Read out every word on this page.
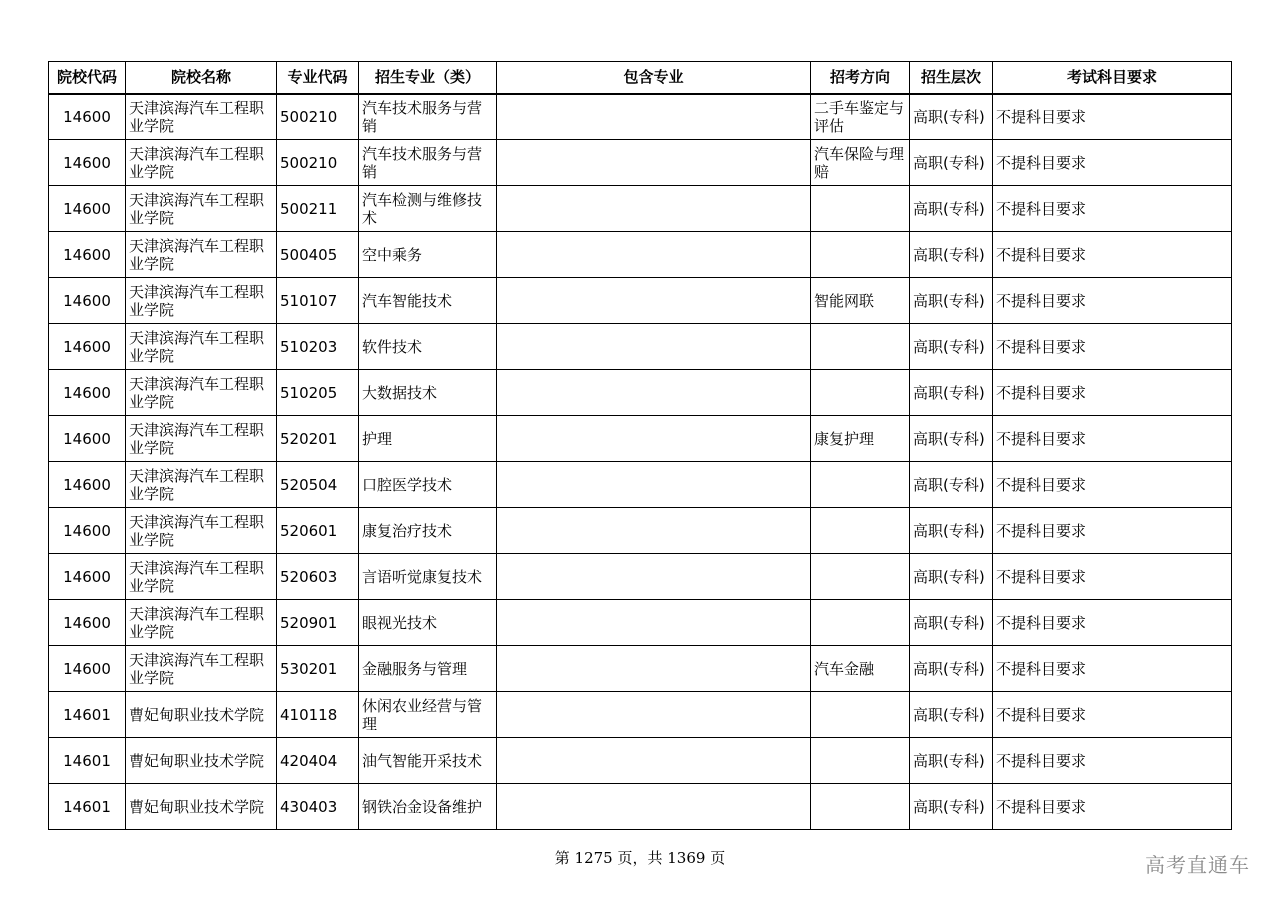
院校代码	院校名称	专业代码	招生专业（类）	包含专业	招考方向	招生层次	考试科目要求
14600	天津滨海汽车工程职业学院	500210	汽车技术服务与营销		二手车鉴定与评估	高职(专科)	不提科目要求
14600	天津滨海汽车工程职业学院	500210	汽车技术服务与营销		汽车保险与理赔	高职(专科)	不提科目要求
14600	天津滨海汽车工程职业学院	500211	汽车检测与维修技术			高职(专科)	不提科目要求
14600	天津滨海汽车工程职业学院	500405	空中乘务			高职(专科)	不提科目要求
14600	天津滨海汽车工程职业学院	510107	汽车智能技术		智能网联	高职(专科)	不提科目要求
14600	天津滨海汽车工程职业学院	510203	软件技术			高职(专科)	不提科目要求
14600	天津滨海汽车工程职业学院	510205	大数据技术			高职(专科)	不提科目要求
14600	天津滨海汽车工程职业学院	520201	护理		康复护理	高职(专科)	不提科目要求
14600	天津滨海汽车工程职业学院	520504	口腔医学技术			高职(专科)	不提科目要求
14600	天津滨海汽车工程职业学院	520601	康复治疗技术			高职(专科)	不提科目要求
14600	天津滨海汽车工程职业学院	520603	言语听觉康复技术			高职(专科)	不提科目要求
14600	天津滨海汽车工程职业学院	520901	眼视光技术			高职(专科)	不提科目要求
14600	天津滨海汽车工程职业学院	530201	金融服务与管理		汽车金融	高职(专科)	不提科目要求
14601	曹妃甸职业技术学院	410118	休闲农业经营与管理			高职(专科)	不提科目要求
14601	曹妃甸职业技术学院	420404	油气智能开采技术			高职(专科)	不提科目要求
14601	曹妃甸职业技术学院	430403	钢铁冶金设备维护			高职(专科)	不提科目要求
第 1275 页，共 1369 页	高考直通车
